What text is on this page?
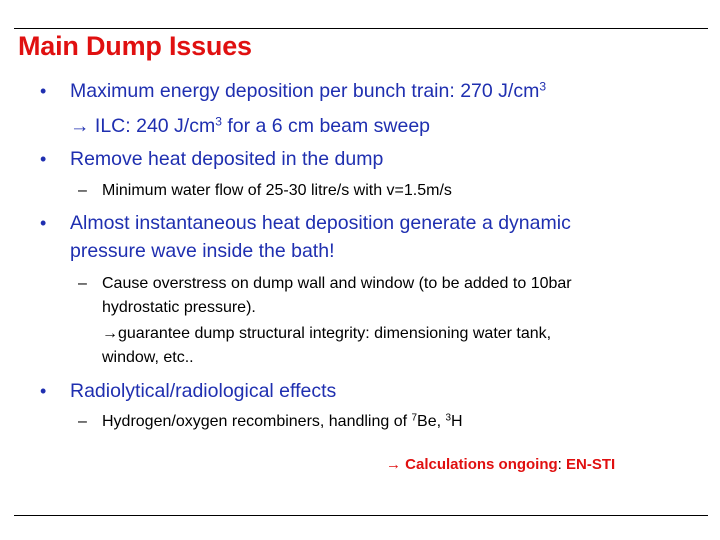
Main Dump Issues
• Maximum energy deposition per bunch train: 270 $J/cm^3$
→ ILC: 240 $J/cm^3$ for a 6 cm beam sweep
• Remove heat deposited in the dump
– Minimum water flow of 25-30 litre/s with v=1.5m/s
• Almost instantaneous heat deposition generate a dynamic
pressure wave inside the bath!
– Cause overstress on dump wall and window (to be added to 10bar
hydrostatic pressure).
→guarantee dump structural integrity: dimensioning water tank,
window, etc..
• Radiolytical/radiological effects
– Hydrogen/oxygen recombiners, handling of $^7$Be, $^3$H
→ Calculations ongoing: EN-STI
